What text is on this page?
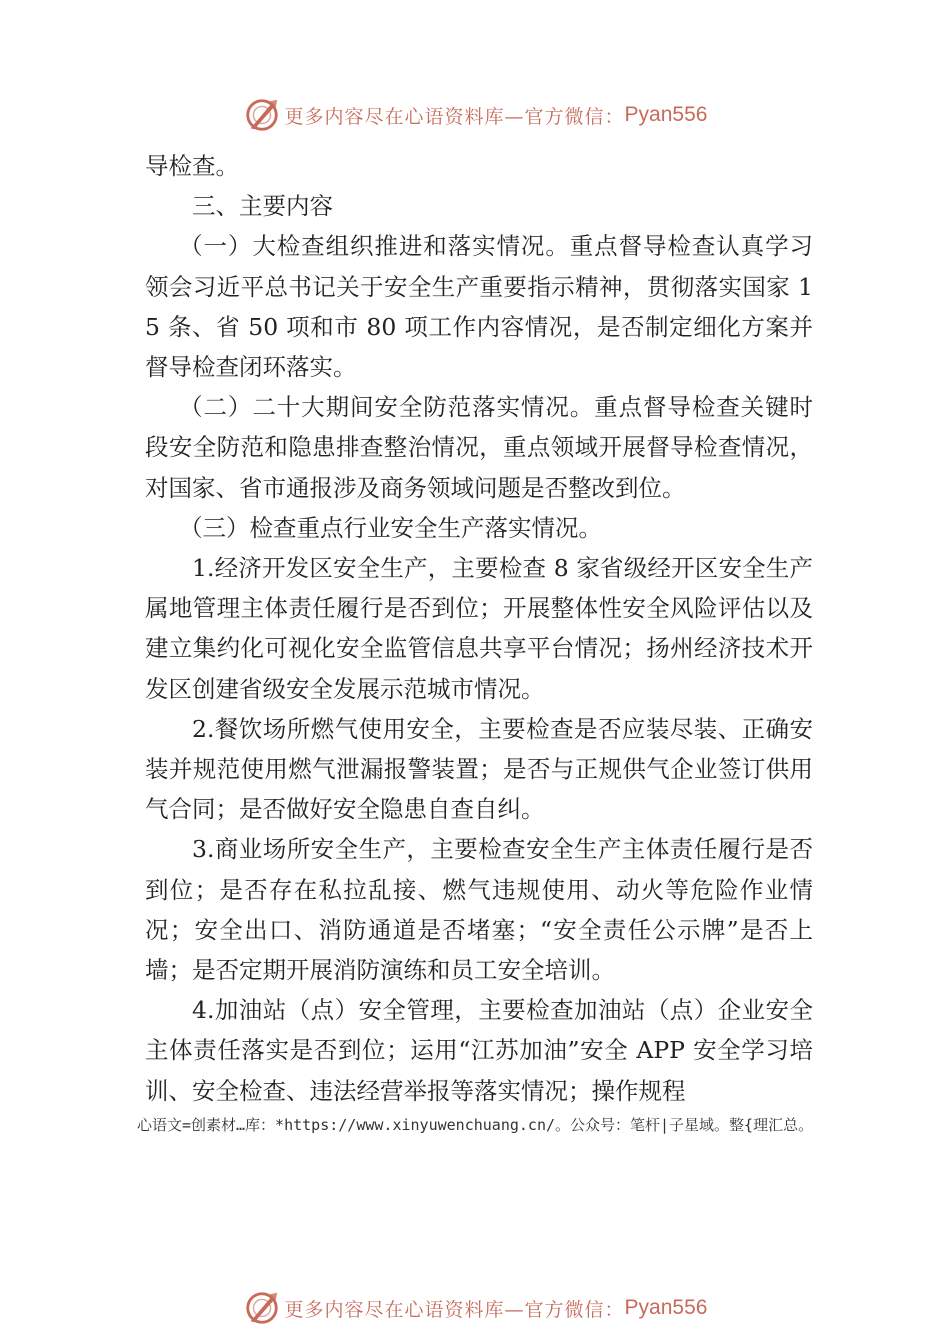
更多内容尽在心语资料库—官方微信： Pyan556

导检查。

三、主要内容

（一）大检查组织推进和落实情况。重点督导检查认真学习领会习近平总书记关于安全生产重要指示精神，贯彻落实国家 15 条、省 50 项和市 80 项工作内容情况，是否制定细化方案并督导检查闭环落实。

（二）二十大期间安全防范落实情况。重点督导检查关键时段安全防范和隐患排查整治情况，重点领域开展督导检查情况，对国家、省市通报涉及商务领域问题是否整改到位。

（三）检查重点行业安全生产落实情况。

1.经济开发区安全生产，主要检查 8 家省级经开区安全生产属地管理主体责任履行是否到位；开展整体性安全风险评估以及建立集约化可视化安全监管信息共享平台情况；扬州经济技术开发区创建省级安全发展示范城市情况。

2.餐饮场所燃气使用安全，主要检查是否应装尽装、正确安装并规范使用燃气泄漏报警装置；是否与正规供气企业签订供用气合同；是否做好安全隐患自查自纠。

3.商业场所安全生产，主要检查安全生产主体责任履行是否到位；是否存在私拉乱接、燃气违规使用、动火等危险作业情况；安全出口、消防通道是否堵塞；“安全责任公示牌”是否上墙；是否定期开展消防演练和员工安全培训。

4.加油站（点）安全管理，主要检查加油站（点）企业安全主体责任落实是否到位；运用“江苏加油”安全 APP 安全学习培训、安全检查、违法经营举报等落实情况；操作规程

心语文=创素材…库：*https://www.xinyuwenchuang.cn/。公众号：笔杆|子星域。整{理汇总。
更多内容尽在心语资料库—官方微信： Pyan556
